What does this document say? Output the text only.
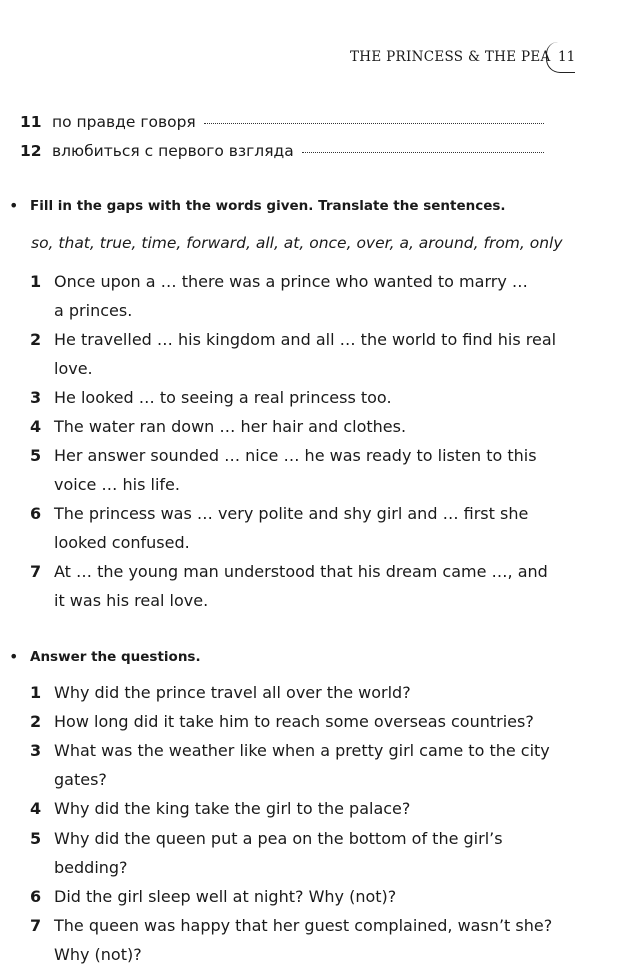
THE PRINCESS & THE PEA 11
11 по правде говоря
12 влюбиться с первого взгляда
• Fill in the gaps with the words given. Translate the sentences.
so, that, true, time, forward, all, at, once, over, a, around, from, only
1 Once upon a … there was a prince who wanted to marry …
a princes.
2 He travelled … his kingdom and all … the world to find his real
love.
3 He looked … to seeing a real princess too.
4 The water ran down … her hair and clothes.
5 Her answer sounded … nice … he was ready to listen to this
voice … his life.
6 The princess was … very polite and shy girl and … first she
looked confused.
7 At … the young man understood that his dream came …, and
it was his real love.
• Answer the questions.
1 Why did the prince travel all over the world?
2 How long did it take him to reach some overseas countries?
3 What was the weather like when a pretty girl came to the city
gates?
4 Why did the king take the girl to the palace?
5 Why did the queen put a pea on the bottom of the girl’s
bedding?
6 Did the girl sleep well at night? Why (not)?
7 The queen was happy that her guest complained, wasn’t she?
Why (not)?
